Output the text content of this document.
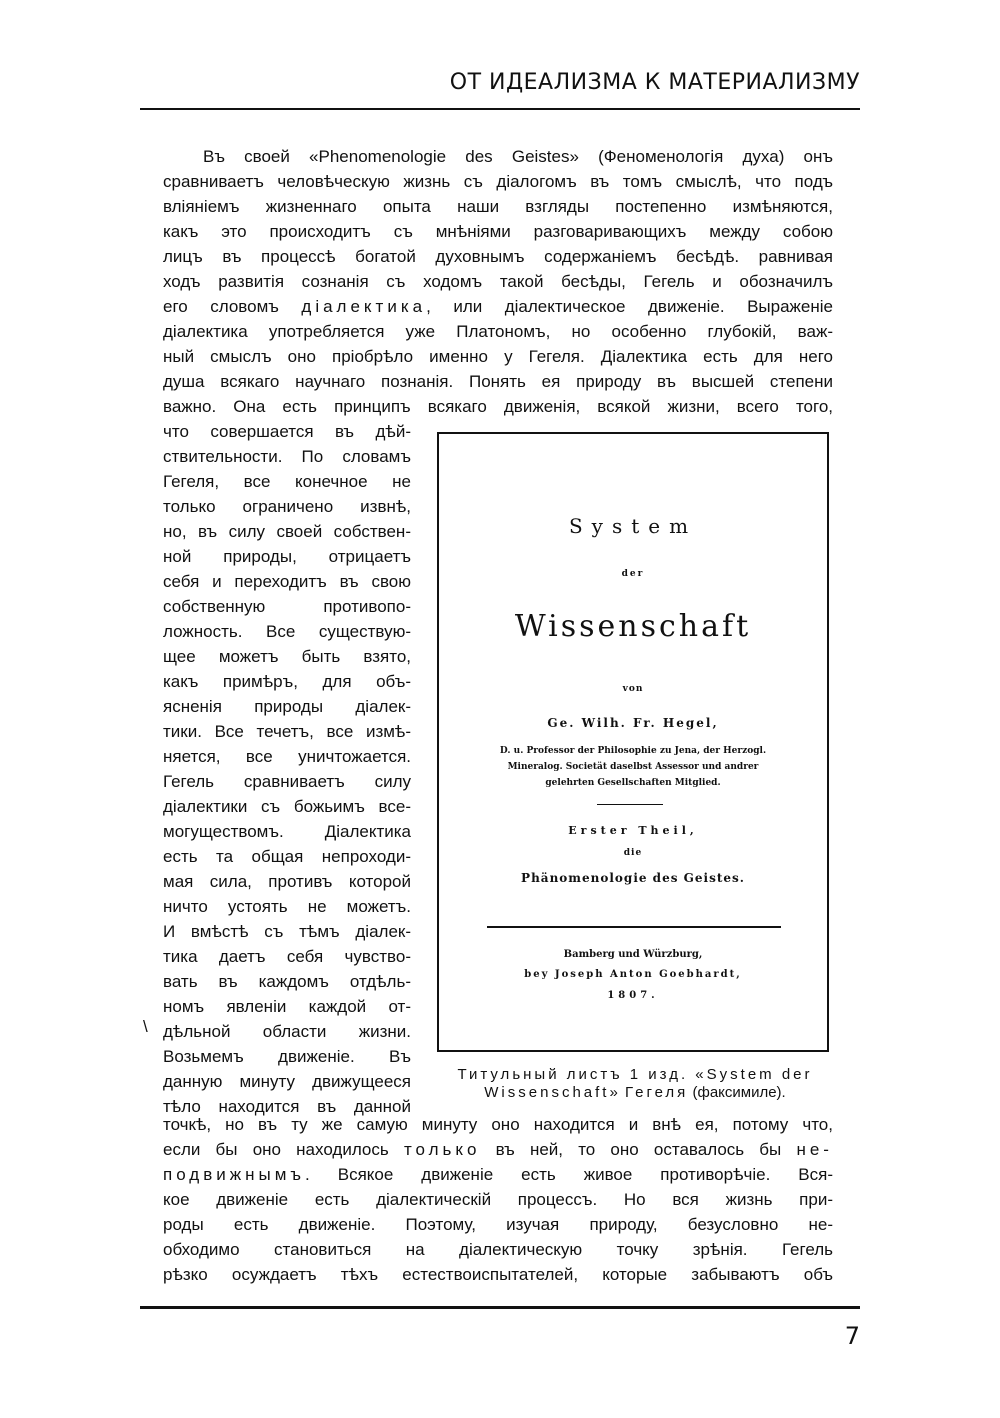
ОТ ИДЕАЛИЗМА К МАТЕРИАЛИЗМУ
Въ своей «Phenomenologie des Geistes» (Феноменологія духа) онъ
сравниваетъ человѣческую жизнь съ діалогомъ въ томъ смыслѣ, что подъ
вліяніемъ жизненнаго опыта наши взгляды постепенно измѣняются,
какъ это происходитъ съ мнѣніями разговаривающихъ между собою
лицъ въ процессѣ богатой духовнымъ содержаніемъ бесѣдѣ. равнивая
ходъ развитія сознанія съ ходомъ такой бесѣды, Гегель и обозначилъ
его словомъ діалектика, или діалектическое движеніе. Выраженіе
діалектика употребляется уже Платономъ, но особенно глубокій, важ-
ный смыслъ оно пріобрѣло именно у Гегеля. Діалектика есть для него
душа всякаго научнаго познанія. Понять ея природу въ высшей степени
важно. Она есть принципъ всякаго движенія, всякой жизни, всего того,
что совершается въ дѣй-
ствительности. По словамъ
Гегеля, все конечное не
только ограничено извнѣ,
но, въ силу своей собствен-
ной природы, отрицаетъ
себя и переходитъ въ свою
собственную противопо-
ложность. Все существую-
щее можетъ быть взято,
какъ примѣръ, для объ-
ясненія природы діалек-
тики. Все течетъ, все измѣ-
няется, все уничтожается.
Гегель сравниваетъ силу
діалектики съ божьимъ все-
могуществомъ. Діалектика
есть та общая непроходи-
мая сила, противъ которой
ничто устоять не можетъ.
И вмѣстѣ съ тѣмъ діалек-
тика даетъ себя чувство-
вать въ каждомъ отдѣль-
номъ явленіи каждой от-
дѣльной области жизни.
Возьмемъ движеніе. Въ
данную минуту движущееся
тѣло находится въ данной
\
System
der
Wissenschaft
von
Ge. Wilh. Fr. Hegel,
D. u. Professor der Philosophie zu Jena, der Herzogl.
Mineralog. Societät daselbst Assessor und andrer
gelehrten Gesellschaften Mitglied.
Erster Theil,
die
Phänomenologie des Geistes.
Bamberg und Würzburg,
bey Joseph Anton Goebhardt,
1807.
Титульный листъ 1 изд. «System der
Wissenschaft» Гегеля (факсимиле).
точкѣ, но въ ту же самую минуту оно находится и внѣ ея, потому что,
если бы оно находилось только въ ней, то оно оставалось бы не-
подвижнымъ. Всякое движеніе есть живое противорѣчіе. Вся-
кое движеніе есть діалектическій процессъ. Но вся жизнь при-
роды есть движеніе. Поэтому, изучая природу, безусловно не-
обходимо становиться на діалектическую точку зрѣнія. Гегель
рѣзко осуждаетъ тѣхъ естествоиспытателей, которые забываютъ объ
7
